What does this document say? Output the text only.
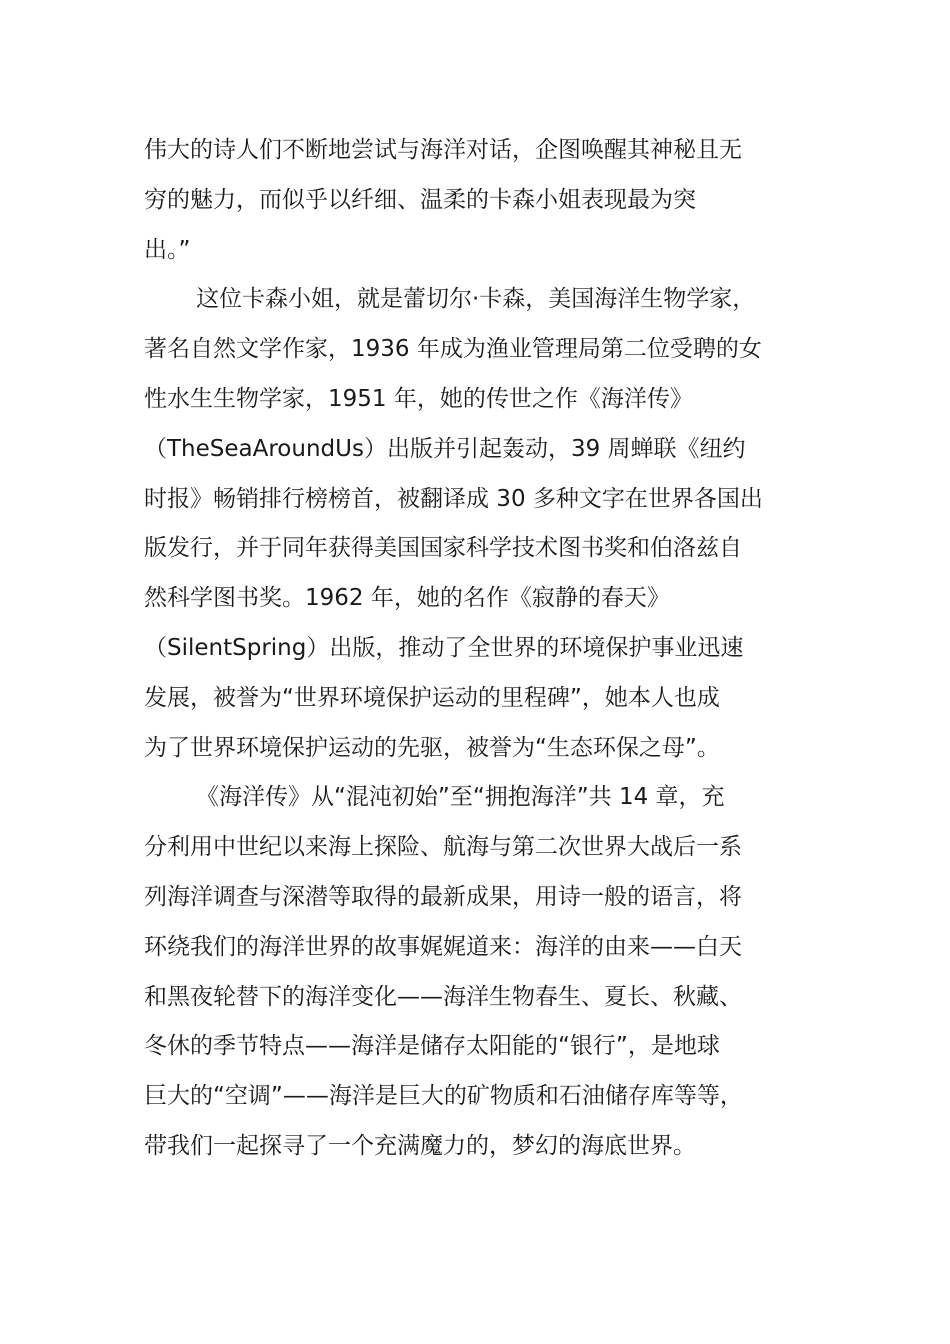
伟大的诗人们不断地尝试与海洋对话，企图唤醒其神秘且无
穷的魅力，而似乎以纤细、温柔的卡森小姐表现最为突
出。”
这位卡森小姐，就是蕾切尔·卡森，美国海洋生物学家，
著名自然文学作家，1936 年成为渔业管理局第二位受聘的女
性水生生物学家，1951 年，她的传世之作《海洋传》
（TheSeaAroundUs）出版并引起轰动，39 周蝉联《纽约
时报》畅销排行榜榜首，被翻译成 30 多种文字在世界各国出
版发行，并于同年获得美国国家科学技术图书奖和伯洛兹自
然科学图书奖。1962 年，她的名作《寂静的春天》
（SilentSpring）出版，推动了全世界的环境保护事业迅速
发展，被誉为“世界环境保护运动的里程碑”，她本人也成
为了世界环境保护运动的先驱，被誉为“生态环保之母”。
《海洋传》从“混沌初始”至“拥抱海洋”共 14 章，充
分利用中世纪以来海上探险、航海与第二次世界大战后一系
列海洋调查与深潜等取得的最新成果，用诗一般的语言，将
环绕我们的海洋世界的故事娓娓道来：海洋的由来——白天
和黑夜轮替下的海洋变化——海洋生物春生、夏长、秋藏、
冬休的季节特点——海洋是储存太阳能的“银行”，是地球
巨大的“空调”——海洋是巨大的矿物质和石油储存库等等，
带我们一起探寻了一个充满魔力的，梦幻的海底世界。
